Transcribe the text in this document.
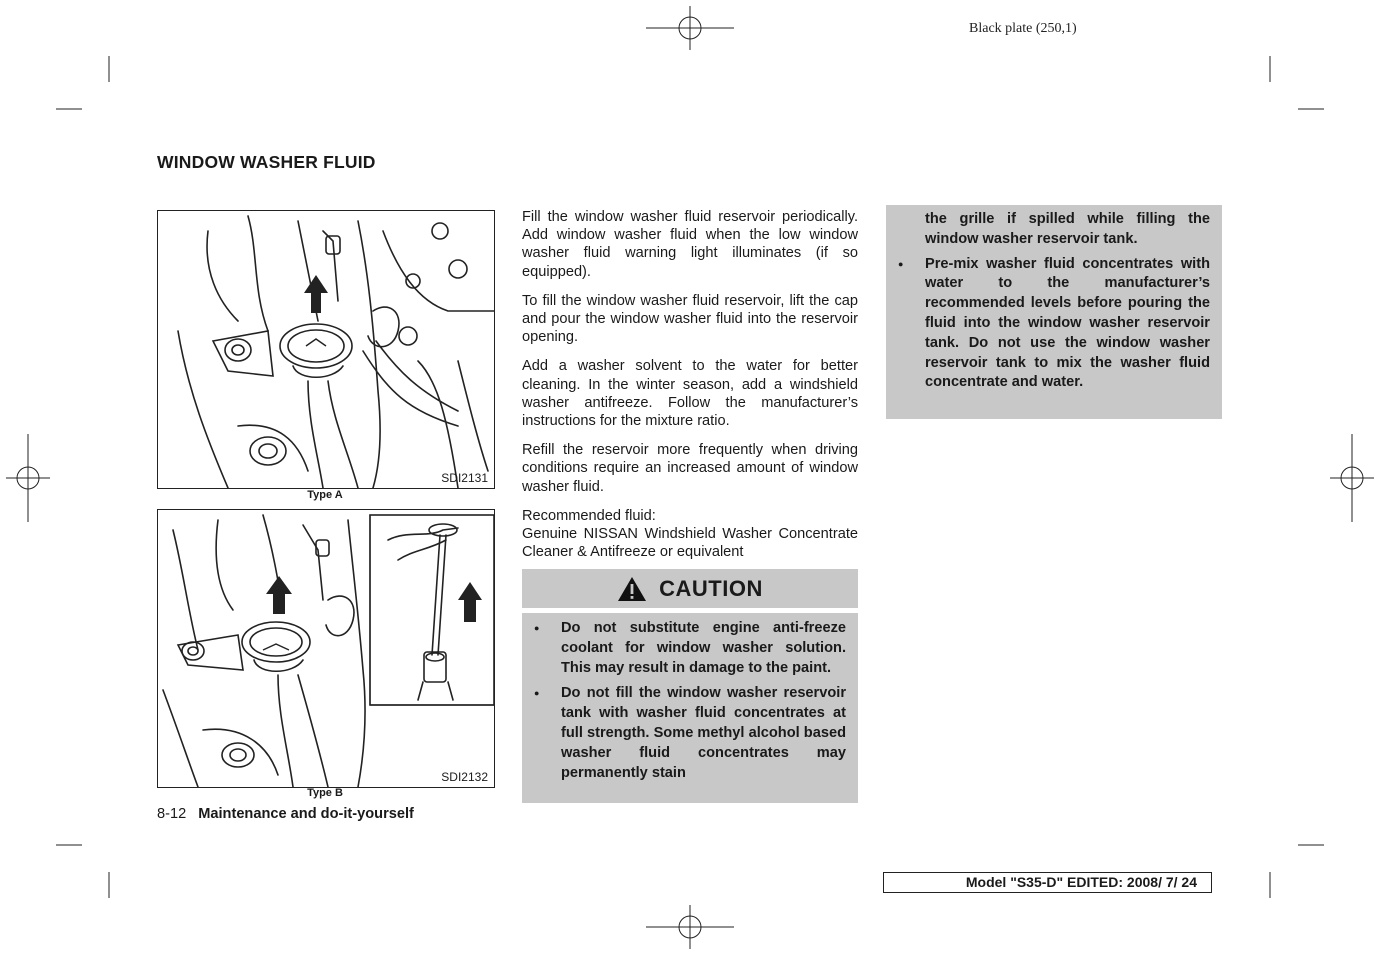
Black plate (250,1)
WINDOW WASHER FLUID
SDI2131
Type A
SDI2132
Type B

Fill the window washer fluid reservoir periodically. Add window washer fluid when the low window washer fluid warning light illuminates (if so equipped).

To fill the window washer fluid reservoir, lift the cap and pour the window washer fluid into the reservoir opening.

Add a washer solvent to the water for better cleaning. In the winter season, add a windshield washer antifreeze. Follow the manufacturer’s instructions for the mixture ratio.

Refill the reservoir more frequently when driving conditions require an increased amount of window washer fluid.

Recommended fluid:
Genuine NISSAN Windshield Washer Concentrate Cleaner & Antifreeze or equivalent

CAUTION
● Do not substitute engine anti-freeze coolant for window washer solution. This may result in damage to the paint.
● Do not fill the window washer reservoir tank with washer fluid concentrates at full strength. Some methyl alcohol based washer fluid concentrates may permanently stain

the grille if spilled while filling the window washer reservoir tank.

● Pre-mix washer fluid concentrates with water to the manufacturer’s recommended levels before pouring the fluid into the window washer reservoir tank. Do not use the window washer reservoir tank to mix the washer fluid concentrate and water.
8-12 Maintenance and do-it-yourself
Model "S35-D" EDITED: 2008/ 7/ 24
